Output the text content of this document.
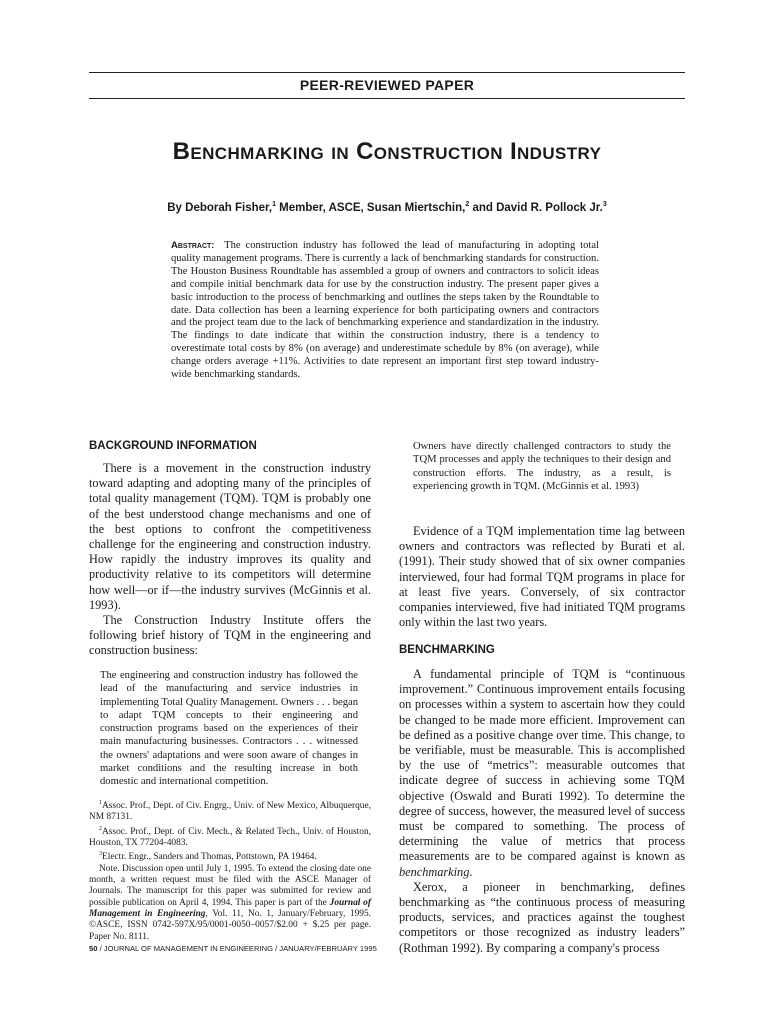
PEER-REVIEWED PAPER
Benchmarking in Construction Industry
By Deborah Fisher,$^1$ Member, ASCE, Susan Miertschin,$^2$ and David R. Pollock Jr.$^3$
Abstract: The construction industry has followed the lead of manufacturing in adopting total quality management programs. There is currently a lack of benchmarking standards for construction. The Houston Business Roundtable has assembled a group of owners and contractors to solicit ideas and compile initial benchmark data for use by the construction industry. The present paper gives a basic introduction to the process of benchmarking and outlines the steps taken by the Roundtable to date. Data collection has been a learning experience for both participating owners and contractors and the project team due to the lack of benchmarking experience and standardization in the industry. The findings to date indicate that within the construction industry, there is a tendency to overestimate total costs by 8% (on average) and underestimate schedule by 8% (on average), while change orders average +11%. Activities to date represent an important first step toward industry-wide benchmarking standards.
BACKGROUND INFORMATION

There is a movement in the construction industry toward adapting and adopting many of the principles of total quality management (TQM). TQM is probably one of the best understood change mechanisms and one of the best options to confront the competitiveness challenge for the engineering and construction industry. How rapidly the industry improves its quality and productivity relative to its competitors will determine how well—or if—the industry survives (McGinnis et al. 1993).

The Construction Industry Institute offers the following brief history of TQM in the engineering and construction business:

The engineering and construction industry has followed the lead of the manufacturing and service industries in implementing Total Quality Management. Owners . . . began to adapt TQM concepts to their engineering and construction programs based on the experiences of their main manufacturing businesses. Contractors . . . witnessed the owners' adaptations and were soon aware of changes in market conditions and the resulting increase in both domestic and international competition.

$^1$Assoc. Prof., Dept. of Civ. Engrg., Univ. of New Mexico, Albuquerque, NM 87131.

$^2$Assoc. Prof., Dept. of Civ. Mech., & Related Tech., Univ. of Houston, Houston, TX 77204-4083.

$^3$Electr. Engr., Sanders and Thomas, Pottstown, PA 19464.

Note. Discussion open until July 1, 1995. To extend the closing date one month, a written request must be filed with the ASCE Manager of Journals. The manuscript for this paper was submitted for review and possible publication on April 4, 1994. This paper is part of the Journal of Management in Engineering, Vol. 11, No. 1, January/February, 1995. ©ASCE, ISSN 0742-597X/95/0001-0050–0057/$2.00 + $.25 per page. Paper No. 8111.

Owners have directly challenged contractors to study the TQM processes and apply the techniques to their design and construction efforts. The industry, as a result, is experiencing growth in TQM. (McGinnis et al. 1993)

Evidence of a TQM implementation time lag between owners and contractors was reflected by Burati et al. (1991). Their study showed that of six owner companies interviewed, four had formal TQM programs in place for at least five years. Conversely, of six contractor companies interviewed, five had initiated TQM programs only within the last two years.

BENCHMARKING

A fundamental principle of TQM is “continuous improvement.” Continuous improvement entails focusing on processes within a system to ascertain how they could be changed to be made more efficient. Improvement can be defined as a positive change over time. This change, to be verifiable, must be measurable. This is accomplished by the use of “metrics”: measurable outcomes that indicate degree of success in achieving some TQM objective (Oswald and Burati 1992). To determine the degree of success, however, the measured level of success must be compared to something. The process of determining the value of metrics that process measurements are to be compared against is known as benchmarking.

Xerox, a pioneer in benchmarking, defines benchmarking as “the continuous process of measuring products, services, and practices against the toughest competitors or those recognized as industry leaders” (Rothman 1992). By comparing a company's process

50 / JOURNAL OF MANAGEMENT IN ENGINEERING / JANUARY/FEBRUARY 1995
